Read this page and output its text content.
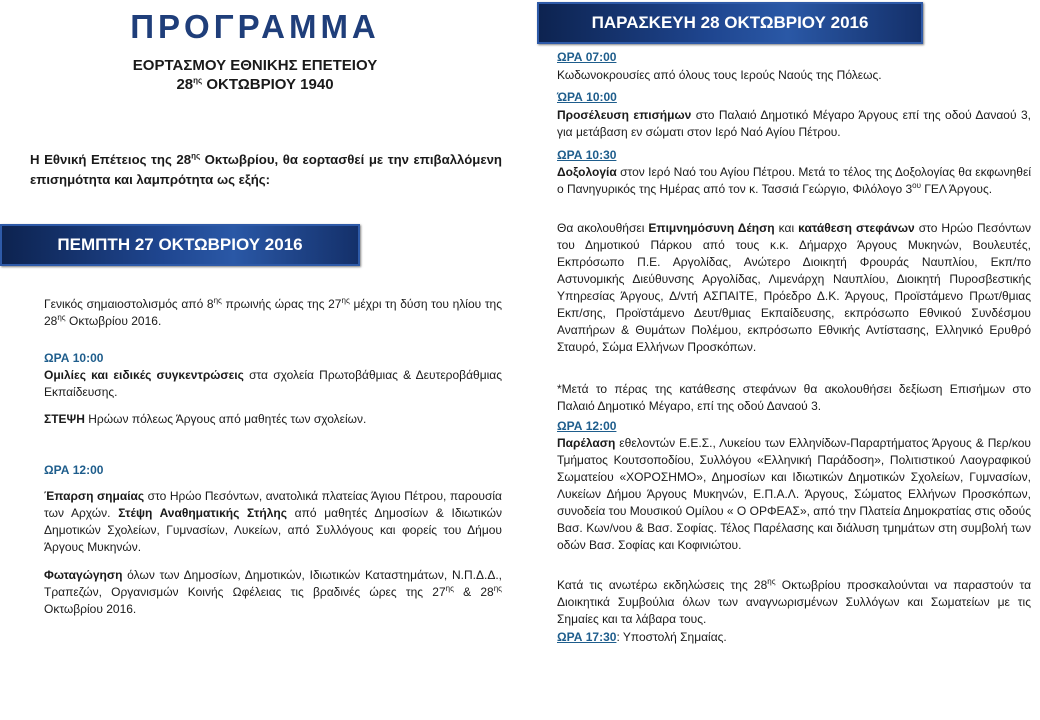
ΠΡΟΓΡΑΜΜΑ
ΕΟΡΤΑΣΜΟΥ ΕΘΝΙΚΗΣ ΕΠΕΤΕΙΟΥ
$28^{\eta\varsigma}$ ΟΚΤΩΒΡΙΟΥ 1940
Η Εθνική Επέτειος της $28^{\eta\varsigma}$ Οκτωβρίου, θα εορτασθεί με την επιβαλλόμενη επισημότητα και λαμπρότητα ως εξής:
ΠΕΜΠΤΗ 27 ΟΚΤΩΒΡΙΟΥ 2016
Γενικός σημαιοστολισμός από $8^{\eta\varsigma}$ πρωινής ώρας της $27^{\eta\varsigma}$ μέχρι τη δύση του ηλίου της $28^{\eta\varsigma}$ Οκτωβρίου 2016.
ΩΡΑ 10:00
Ομιλίες και ειδικές συγκεντρώσεις στα σχολεία Πρωτοβάθμιας & Δευτεροβάθμιας Εκπαίδευσης.
ΣΤΕΨΗ Ηρώων πόλεως Άργους από μαθητές των σχολείων.
ΩΡΑ 12:00
Έπαρση σημαίας στο Ηρώο Πεσόντων, ανατολικά πλατείας Άγιου Πέτρου, παρουσία των Αρχών. Στέψη Αναθηματικής Στήλης από μαθητές Δημοσίων & Ιδιωτικών Δημοτικών Σχολείων, Γυμνασίων, Λυκείων, από Συλλόγους και φορείς του Δήμου Άργους Μυκηνών.
Φωταγώγηση όλων των Δημοσίων, Δημοτικών, Ιδιωτικών Καταστημάτων, Ν.Π.Δ.Δ., Τραπεζών, Οργανισμών Κοινής Ωφέλειας τις βραδινές ώρες της $27^{\eta\varsigma}$ & $28^{\eta\varsigma}$ Οκτωβρίου 2016.
ΠΑΡΑΣΚΕΥΗ 28 ΟΚΤΩΒΡΙΟΥ 2016
ΩΡΑ 07:00
Κωδωνοκρουσίες από όλους τους Ιερούς Ναούς της Πόλεως.
ΏΡΑ 10:00
Προσέλευση επισήμων στο Παλαιό Δημοτικό Μέγαρο Άργους επί της οδού Δαναού 3, για μετάβαση εν σώματι στον Ιερό Ναό Αγίου Πέτρου.
ΩΡΑ 10:30
Δοξολογία στον Ιερό Ναό του Αγίου Πέτρου. Μετά το τέλος της Δοξολογίας θα εκφωνηθεί ο Πανηγυρικός της Ημέρας από τον κ. Τασσιά Γεώργιο, Φιλόλογο $3^{o\upsilon}$ ΓΕΛ Άργους.
Θα ακολουθήσει Επιμνημόσυνη Δέηση και κατάθεση στεφάνων στο Ηρώο Πεσόντων του Δημοτικού Πάρκου από τους κ.κ. Δήμαρχο Άργους Μυκηνών, Βουλευτές, Εκπρόσωπο Π.Ε. Αργολίδας, Ανώτερο Διοικητή Φρουράς Ναυπλίου, Εκπ/πο Αστυνομικής Διεύθυνσης Αργολίδας, Λιμενάρχη Ναυπλίου, Διοικητή Πυροσβεστικής Υπηρεσίας Άργους, Δ/ντή ΑΣΠΑΙΤΕ, Πρόεδρο Δ.Κ. Άργους, Προϊστάμενο Πρωτ/θμιας Εκπ/σης, Προϊστάμενο Δευτ/θμιας Εκπαίδευσης, εκπρόσωπο Εθνικού Συνδέσμου Αναπήρων & Θυμάτων Πολέμου, εκπρόσωπο Εθνικής Αντίστασης, Ελληνικό Ερυθρό Σταυρό, Σώμα Ελλήνων Προσκόπων.
*Μετά το πέρας της κατάθεσης στεφάνων θα ακολουθήσει δεξίωση Επισήμων στο Παλαιό Δημοτικό Μέγαρο, επί της οδού Δαναού 3.
ΩΡΑ 12:00
Παρέλαση εθελοντών Ε.Ε.Σ., Λυκείου των Ελληνίδων-Παραρτήματος Άργους & Περ/κου Τμήματος Κουτσοποδίου, Συλλόγου «Ελληνική Παράδοση», Πολιτιστικού Λαογραφικού Σωματείου «ΧΟΡΟΣΗΜΟ», Δημοσίων και Ιδιωτικών Δημοτικών Σχολείων, Γυμνασίων, Λυκείων Δήμου Άργους Μυκηνών, Ε.Π.Α.Λ. Άργους, Σώματος Ελλήνων Προσκόπων, συνοδεία του Μουσικού Ομίλου « Ο ΟΡΦΕΑΣ», από την Πλατεία Δημοκρατίας στις οδούς Βασ. Κων/νου & Βασ. Σοφίας. Τέλος Παρέλασης και διάλυση τμημάτων στη συμβολή των οδών Βασ. Σοφίας και Κοφινιώτου.
Κατά τις ανωτέρω εκδηλώσεις της $28^{\eta\varsigma}$ Οκτωβρίου προσκαλούνται να παραστούν τα Διοικητικά Συμβούλια όλων των αναγνωρισμένων Συλλόγων και Σωματείων με τις Σημαίες και τα λάβαρα τους.
ΩΡΑ 17:30: Υποστολή Σημαίας.
